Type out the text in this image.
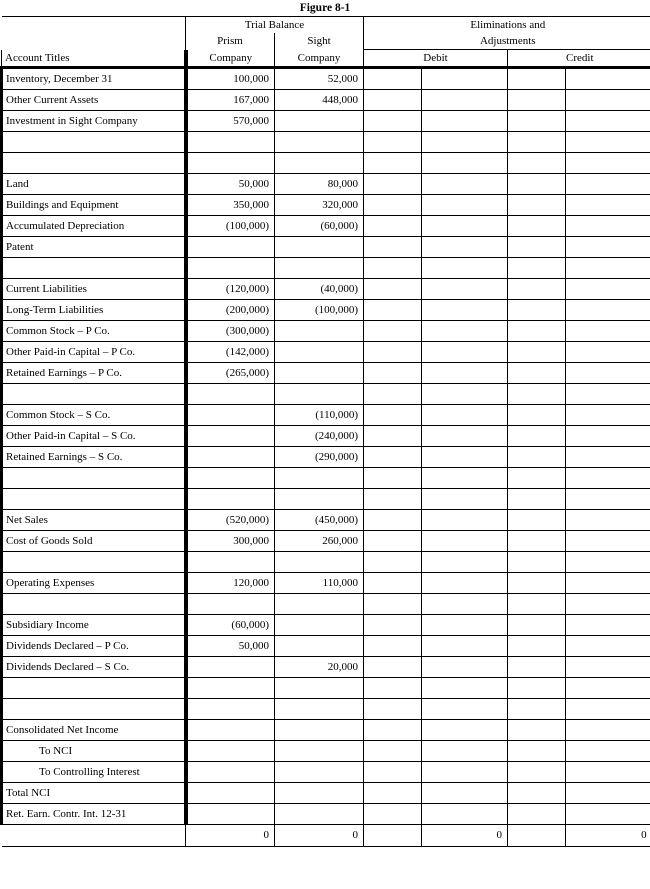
Figure 8-1
	Trial Balance		Eliminations and			
	Prism	Sight	Adjustments			
Account Titles	Company	Company	Debit		Credit	
Inventory, December 31	100,000	52,000				
Other Current Assets	167,000	448,000				
Investment in Sight Company	570,000					

Land	50,000	80,000				
Buildings and Equipment	350,000	320,000				
Accumulated Depreciation	(100,000)	(60,000)				
Patent						

Current Liabilities	(120,000)	(40,000)				
Long-Term Liabilities	(200,000)	(100,000)				
Common Stock – P Co.	(300,000)					
Other Paid-in Capital – P Co.	(142,000)					
Retained Earnings – P Co.	(265,000)					

Common Stock – S Co.		(110,000)				
Other Paid-in Capital – S Co.		(240,000)				
Retained Earnings – S Co.		(290,000)				

Net Sales	(520,000)	(450,000)				
Cost of Goods Sold	300,000	260,000				

Operating Expenses	120,000	110,000				

Subsidiary Income	(60,000)					
Dividends Declared – P Co.	50,000					
Dividends Declared – S Co.		20,000				

Consolidated Net Income						
To NCI						
To Controlling Interest						
Total NCI						
Ret. Earn. Contr. Int. 12-31						
	0	0		0		0
